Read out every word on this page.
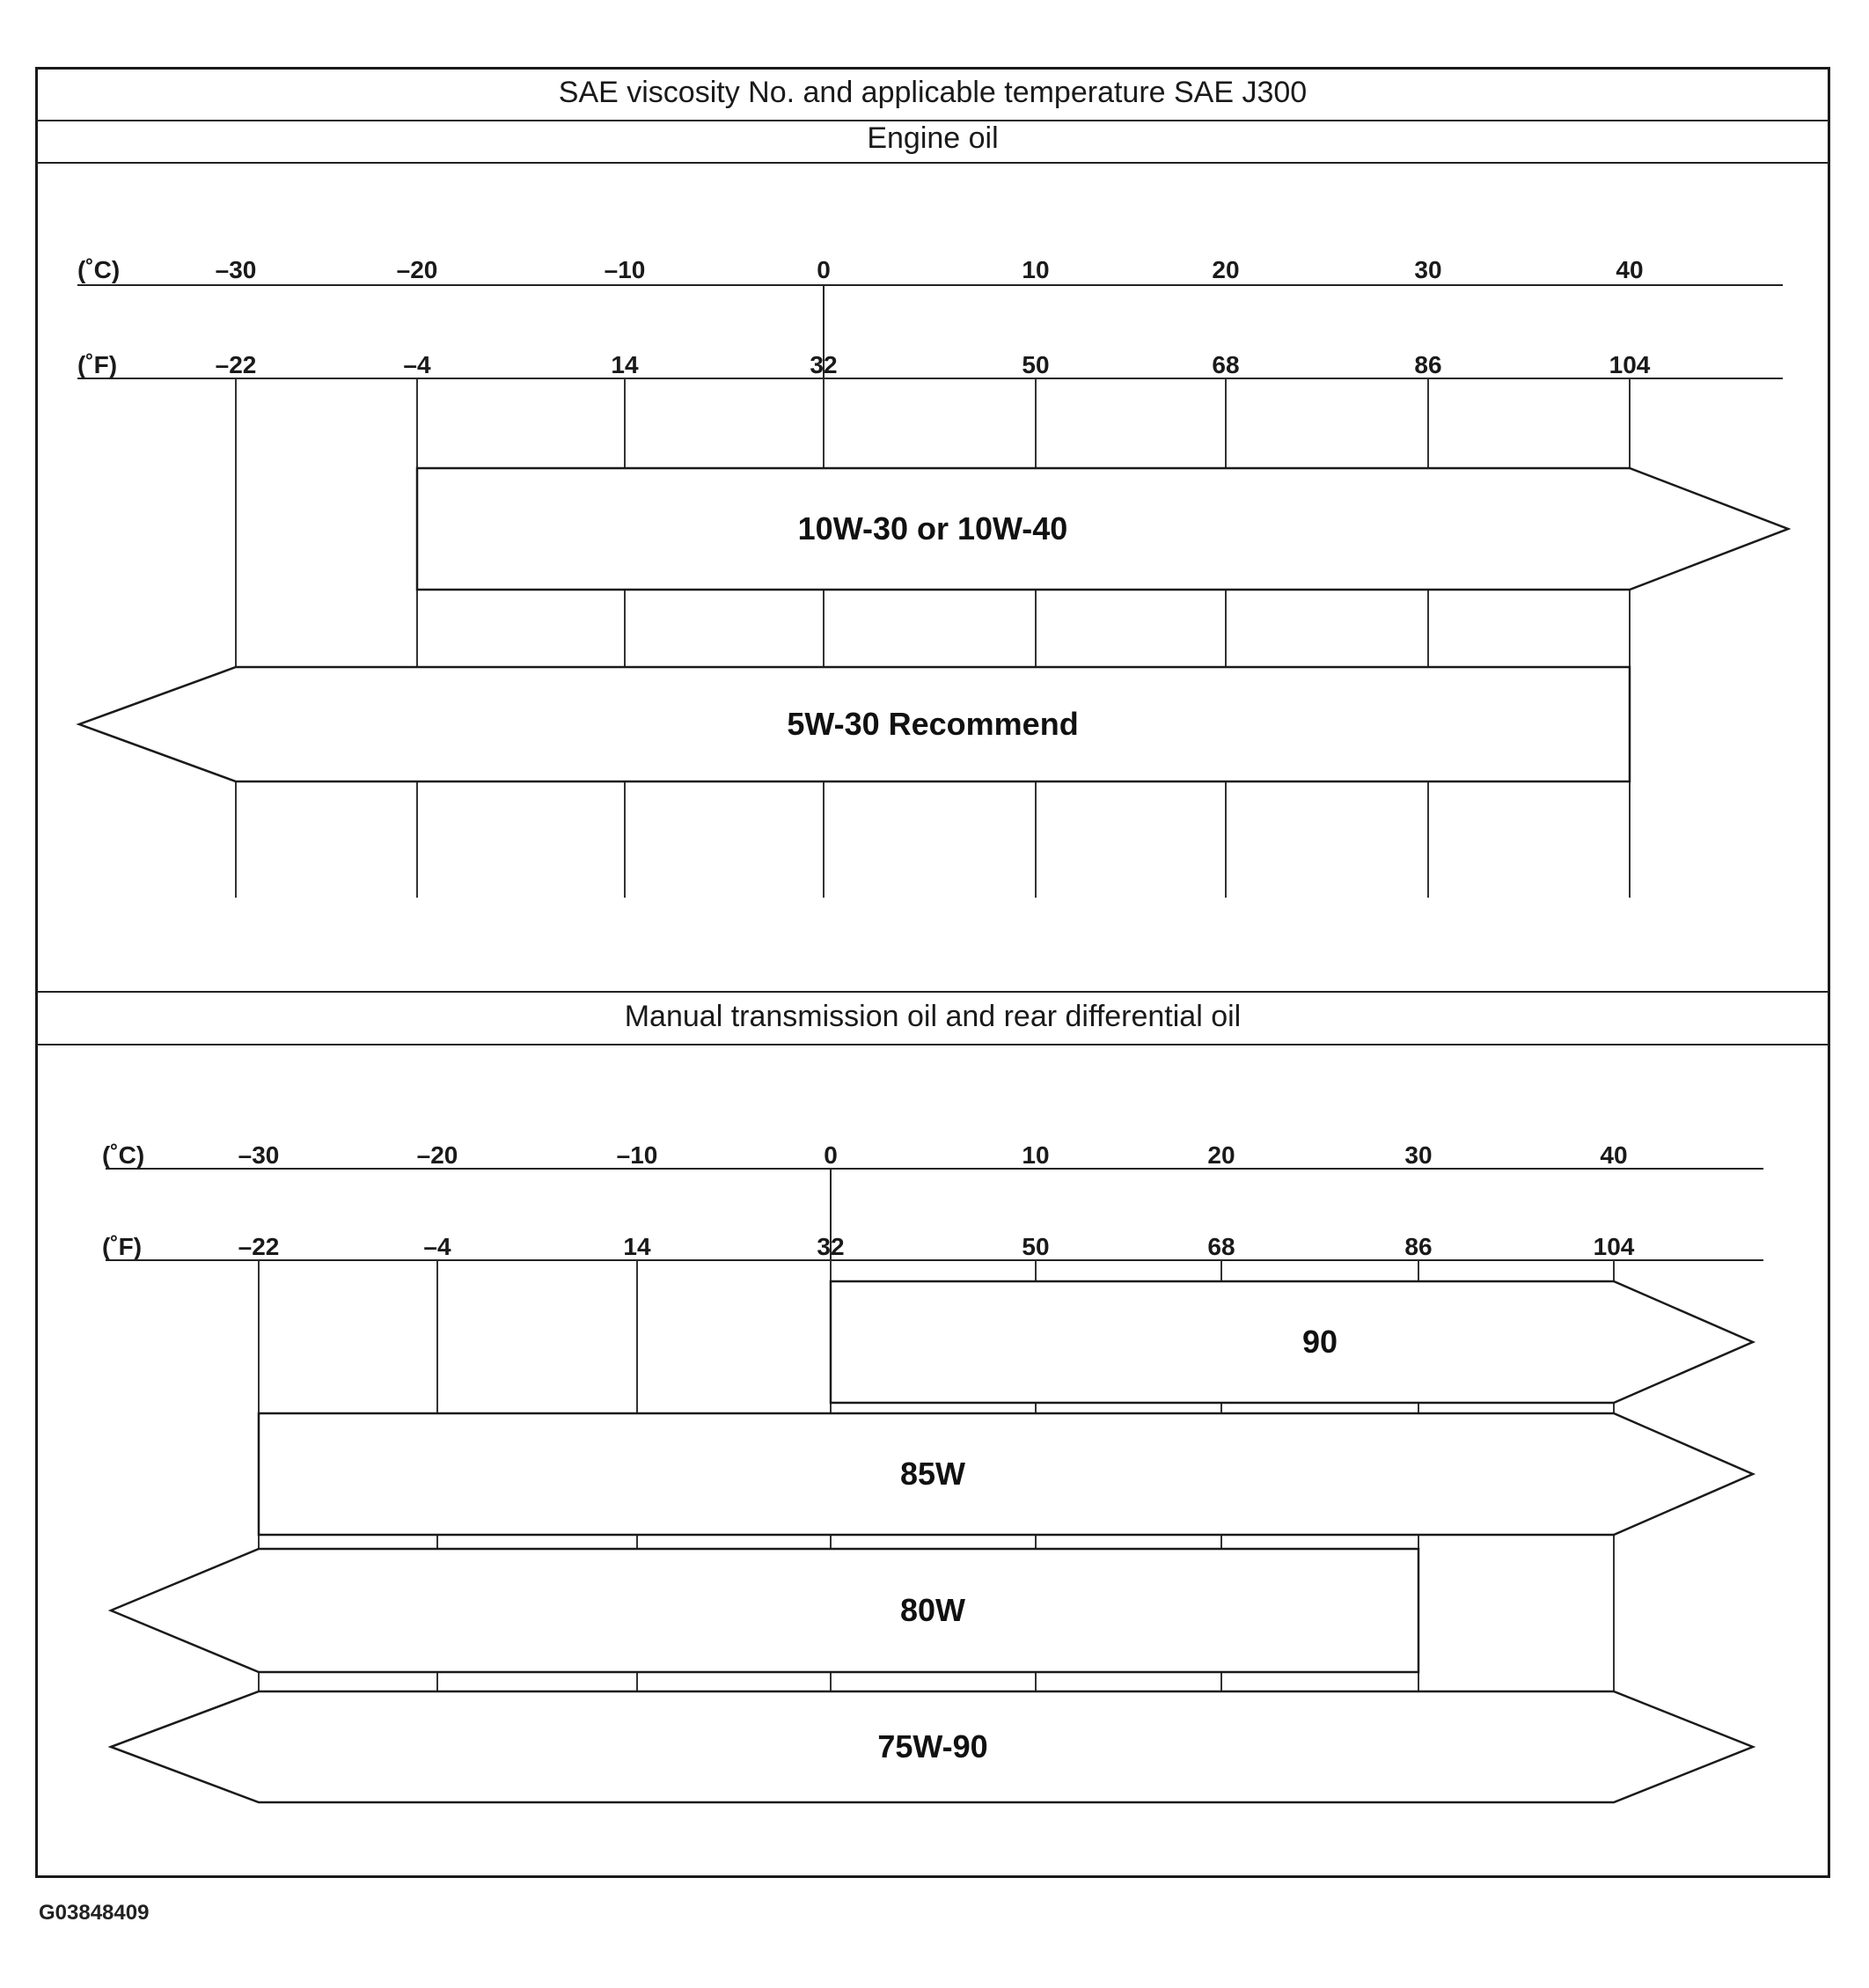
SAE viscosity No. and applicable temperature SAE J300
Engine oil
Manual transmission oil and rear differential oil
(˚C)
(˚F)
–30
–22
–20
–4
–10
14
0
32
10
50
20
68
30
86
40
104
10W-30 or 10W-40
5W-30 Recommend
(˚C)
(˚F)
–30
–22
–20
–4
–10
14
0
32
10
50
20
68
30
86
40
104
90
85W
80W
75W-90
G03848409
